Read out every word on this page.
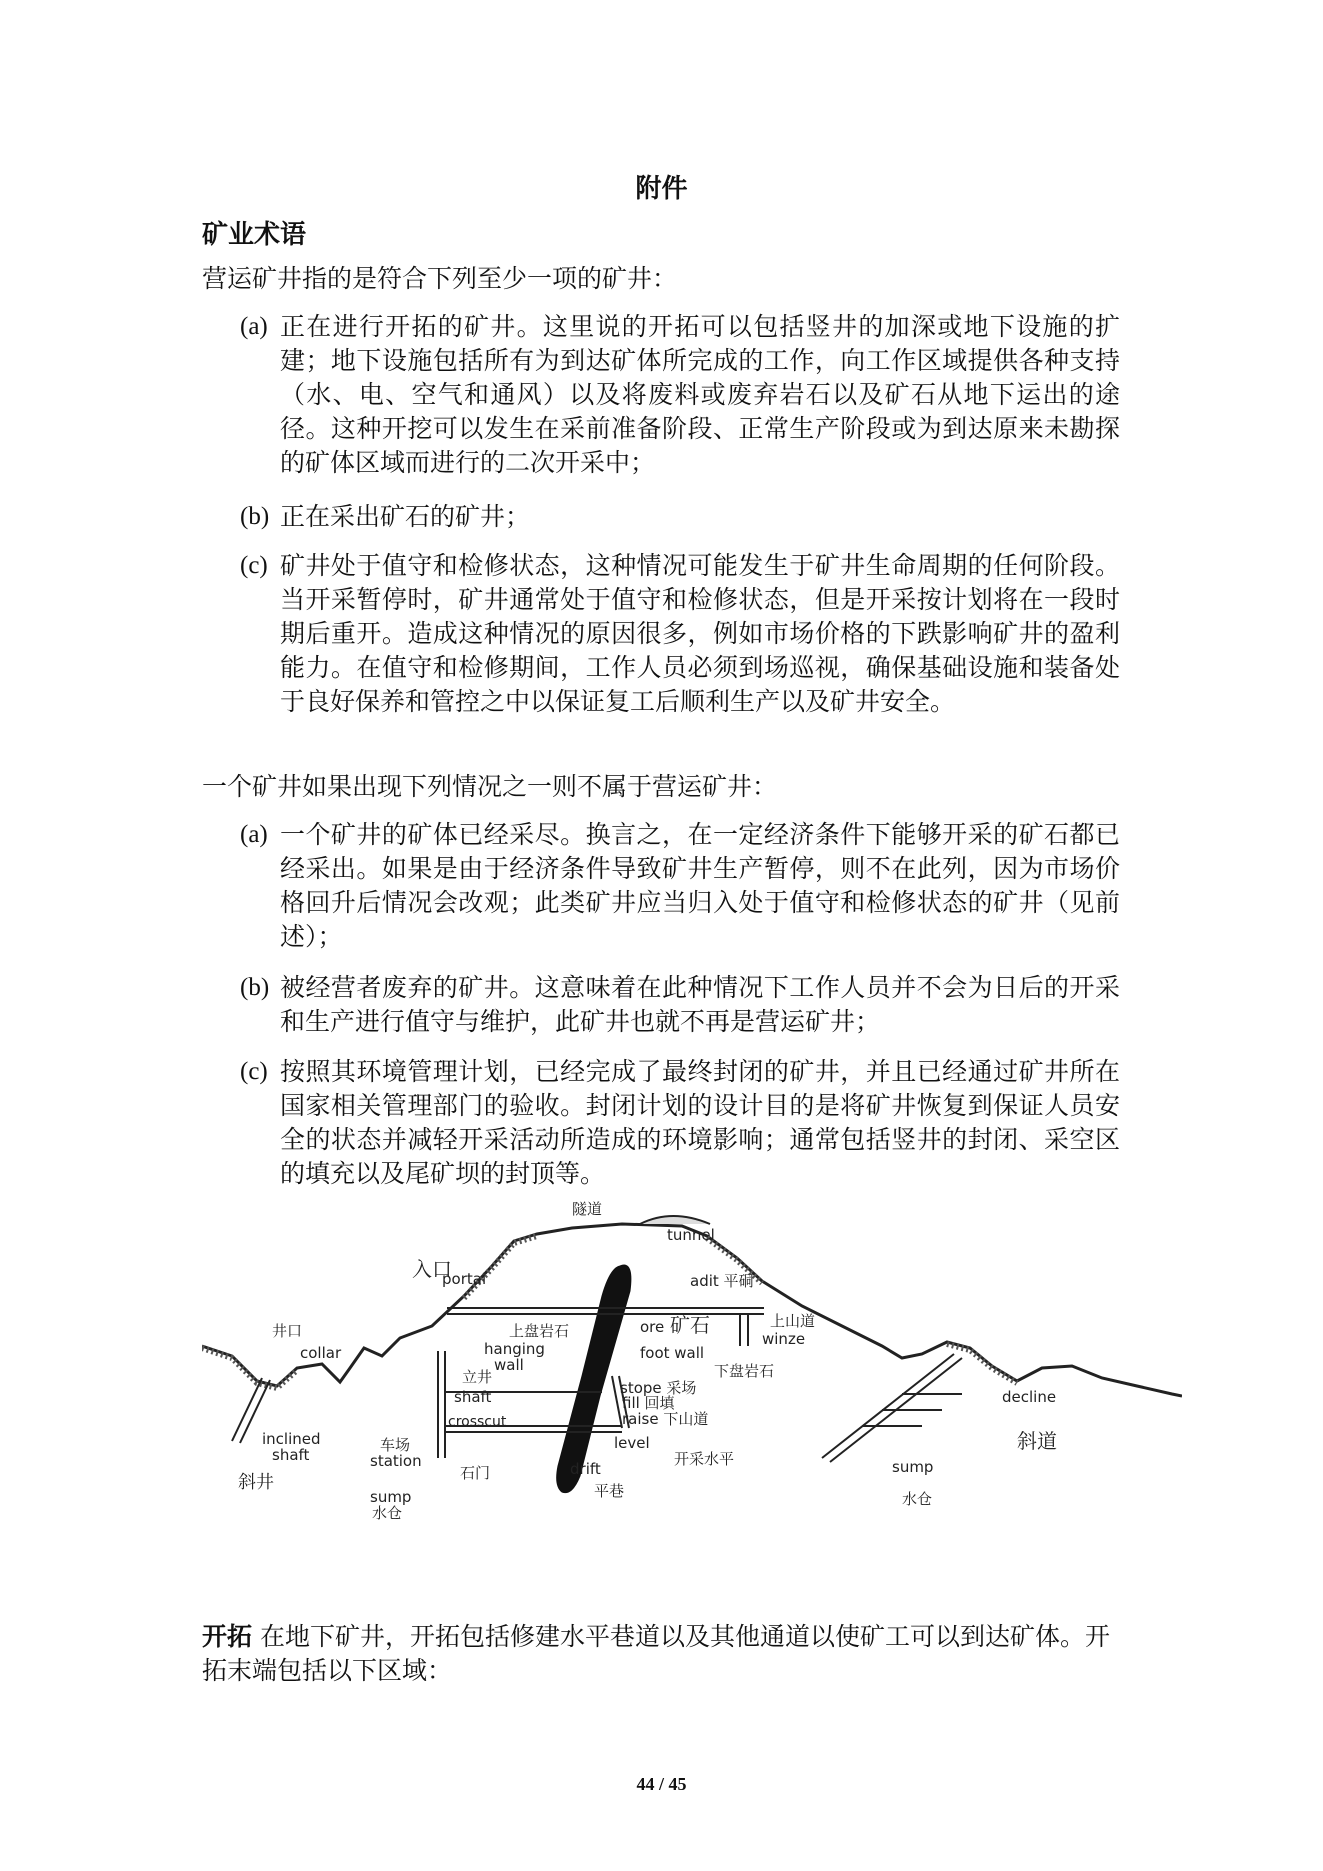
附件
矿业术语
营运矿井指的是符合下列至少一项的矿井：
(a) 正在进行开拓的矿井。这里说的开拓可以包括竖井的加深或地下设施的扩建；地下设施包括所有为到达矿体所完成的工作，向工作区域提供各种支持（水、电、空气和通风）以及将废料或废弃岩石以及矿石从地下运出的途径。这种开挖可以发生在采前准备阶段、正常生产阶段或为到达原来未勘探的矿体区域而进行的二次开采中；
(b) 正在采出矿石的矿井；
(c) 矿井处于值守和检修状态，这种情况可能发生于矿井生命周期的任何阶段。当开采暂停时，矿井通常处于值守和检修状态，但是开采按计划将在一段时期后重开。造成这种情况的原因很多，例如市场价格的下跌影响矿井的盈利能力。在值守和检修期间，工作人员必须到场巡视，确保基础设施和装备处于良好保养和管控之中以保证复工后顺利生产以及矿井安全。
一个矿井如果出现下列情况之一则不属于营运矿井：
(a) 一个矿井的矿体已经采尽。换言之，在一定经济条件下能够开采的矿石都已经采出。如果是由于经济条件导致矿井生产暂停，则不在此列，因为市场价格回升后情况会改观；此类矿井应当归入处于值守和检修状态的矿井（见前述）；
(b) 被经营者废弃的矿井。这意味着在此种情况下工作人员并不会为日后的开采和生产进行值守与维护，此矿井也就不再是营运矿井；
(c) 按照其环境管理计划，已经完成了最终封闭的矿井，并且已经通过矿井所在国家相关管理部门的验收。封闭计划的设计目的是将矿井恢复到保证人员安全的状态并减轻开采活动所造成的环境影响；通常包括竖井的封闭、采空区的填充以及尾矿坝的封顶等。
隧道
tunnel
入口
portal	adit 平硐
井口
collar
上盘岩石
hanging
wall
ore 矿石	上山道
winze
foot wall
下盘岩石
立井
shaft	stope 采场
fill 回填
raise 下山道
crosscut
level
开采水平
drift
平巷
车场
station
inclined
shaft
斜井	石门
sump
水仓
decline
斜道
sump
水仓
开拓 在地下矿井，开拓包括修建水平巷道以及其他通道以使矿工可以到达矿体。开拓末端包括以下区域：
44 / 45
